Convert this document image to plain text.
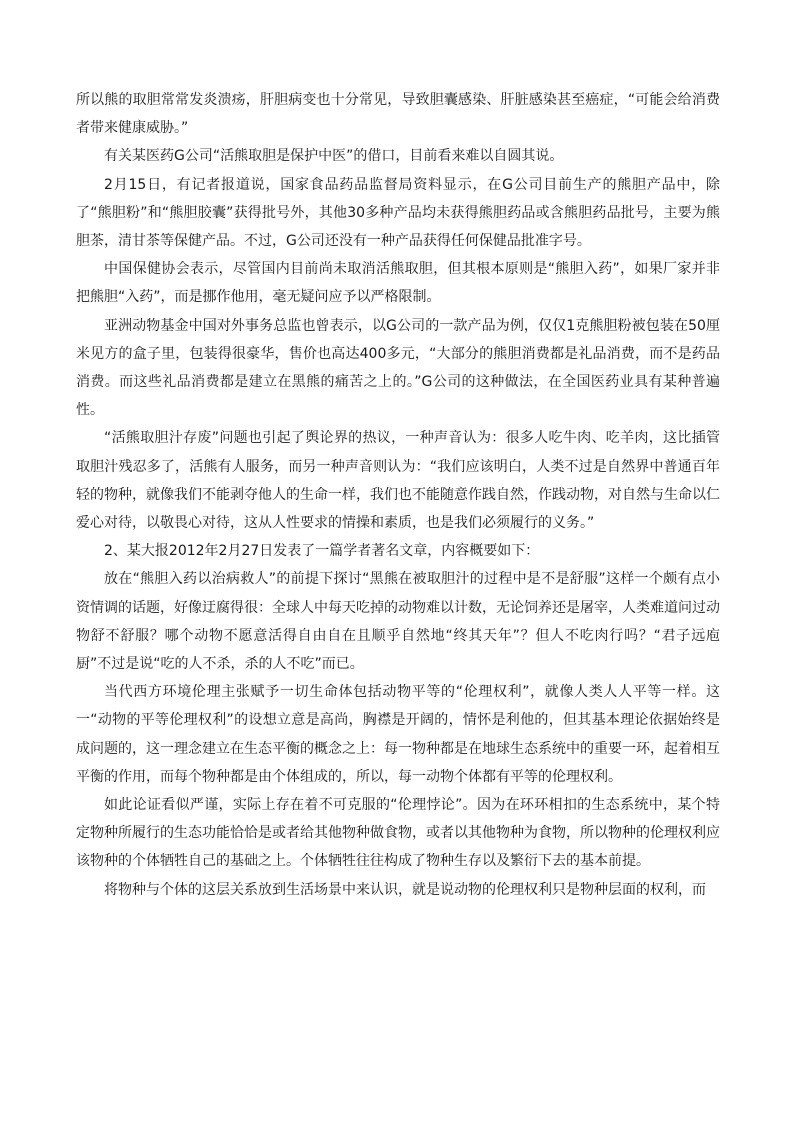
所以熊的取胆常常发炎溃疡，肝胆病变也十分常见，导致胆囊感染、肝脏感染甚至癌症，“可能会给消费者带来健康威胁。”

有关某医药G公司“活熊取胆是保护中医”的借口，目前看来难以自圆其说。

2月15日，有记者报道说，国家食品药品监督局资料显示，在G公司目前生产的熊胆产品中，除了“熊胆粉”和“熊胆胶囊”获得批号外，其他30多种产品均未获得熊胆药品或含熊胆药品批号，主要为熊胆茶，清甘茶等保健产品。不过，G公司还没有一种产品获得任何保健品批准字号。

中国保健协会表示，尽管国内目前尚未取消活熊取胆，但其根本原则是“熊胆入药”，如果厂家并非把熊胆“入药”，而是挪作他用，毫无疑问应予以严格限制。

亚洲动物基金中国对外事务总监也曾表示，以G公司的一款产品为例，仅仅1克熊胆粉被包装在50厘米见方的盒子里，包装得很豪华，售价也高达400多元，“大部分的熊胆消费都是礼品消费，而不是药品消费。而这些礼品消费都是建立在黑熊的痛苦之上的。”G公司的这种做法，在全国医药业具有某种普遍性。

“活熊取胆汁存废”问题也引起了舆论界的热议，一种声音认为：很多人吃牛肉、吃羊肉，这比插管取胆汁残忍多了，活熊有人服务，而另一种声音则认为：“我们应该明白，人类不过是自然界中普通百年轻的物种，就像我们不能剥夺他人的生命一样，我们也不能随意作践自然，作践动物，对自然与生命以仁爱心对待，以敬畏心对待，这从人性要求的情操和素质，也是我们必须履行的义务。”

2、某大报2012年2月27日发表了一篇学者著名文章，内容概要如下：

放在“熊胆入药以治病救人”的前提下探讨“黑熊在被取胆汁的过程中是不是舒服”这样一个颇有点小资情调的话题，好像迂腐得很：全球人中每天吃掉的动物难以计数，无论饲养还是屠宰，人类难道问过动物舒不舒服？哪个动物不愿意活得自由自在且顺乎自然地“终其天年”？但人不吃肉行吗？“君子远庖厨”不过是说“吃的人不杀，杀的人不吃”而已。

当代西方环境伦理主张赋予一切生命体包括动物平等的“伦理权利”，就像人类人人平等一样。这一“动物的平等伦理权利”的设想立意是高尚，胸襟是开阔的，情怀是利他的，但其基本理论依据始终是成问题的，这一理念建立在生态平衡的概念之上：每一物种都是在地球生态系统中的重要一环，起着相互平衡的作用，而每个物种都是由个体组成的，所以，每一动物个体都有平等的伦理权利。

如此论证看似严谨，实际上存在着不可克服的“伦理悖论”。因为在环环相扣的生态系统中，某个特定物种所履行的生态功能恰恰是或者给其他物种做食物，或者以其他物种为食物，所以物种的伦理权利应该物种的个体牺牲自己的基础之上。个体牺牲往往构成了物种生存以及繁衍下去的基本前提。

将物种与个体的这层关系放到生活场景中来认识，就是说动物的伦理权利只是物种层面的权利，而
